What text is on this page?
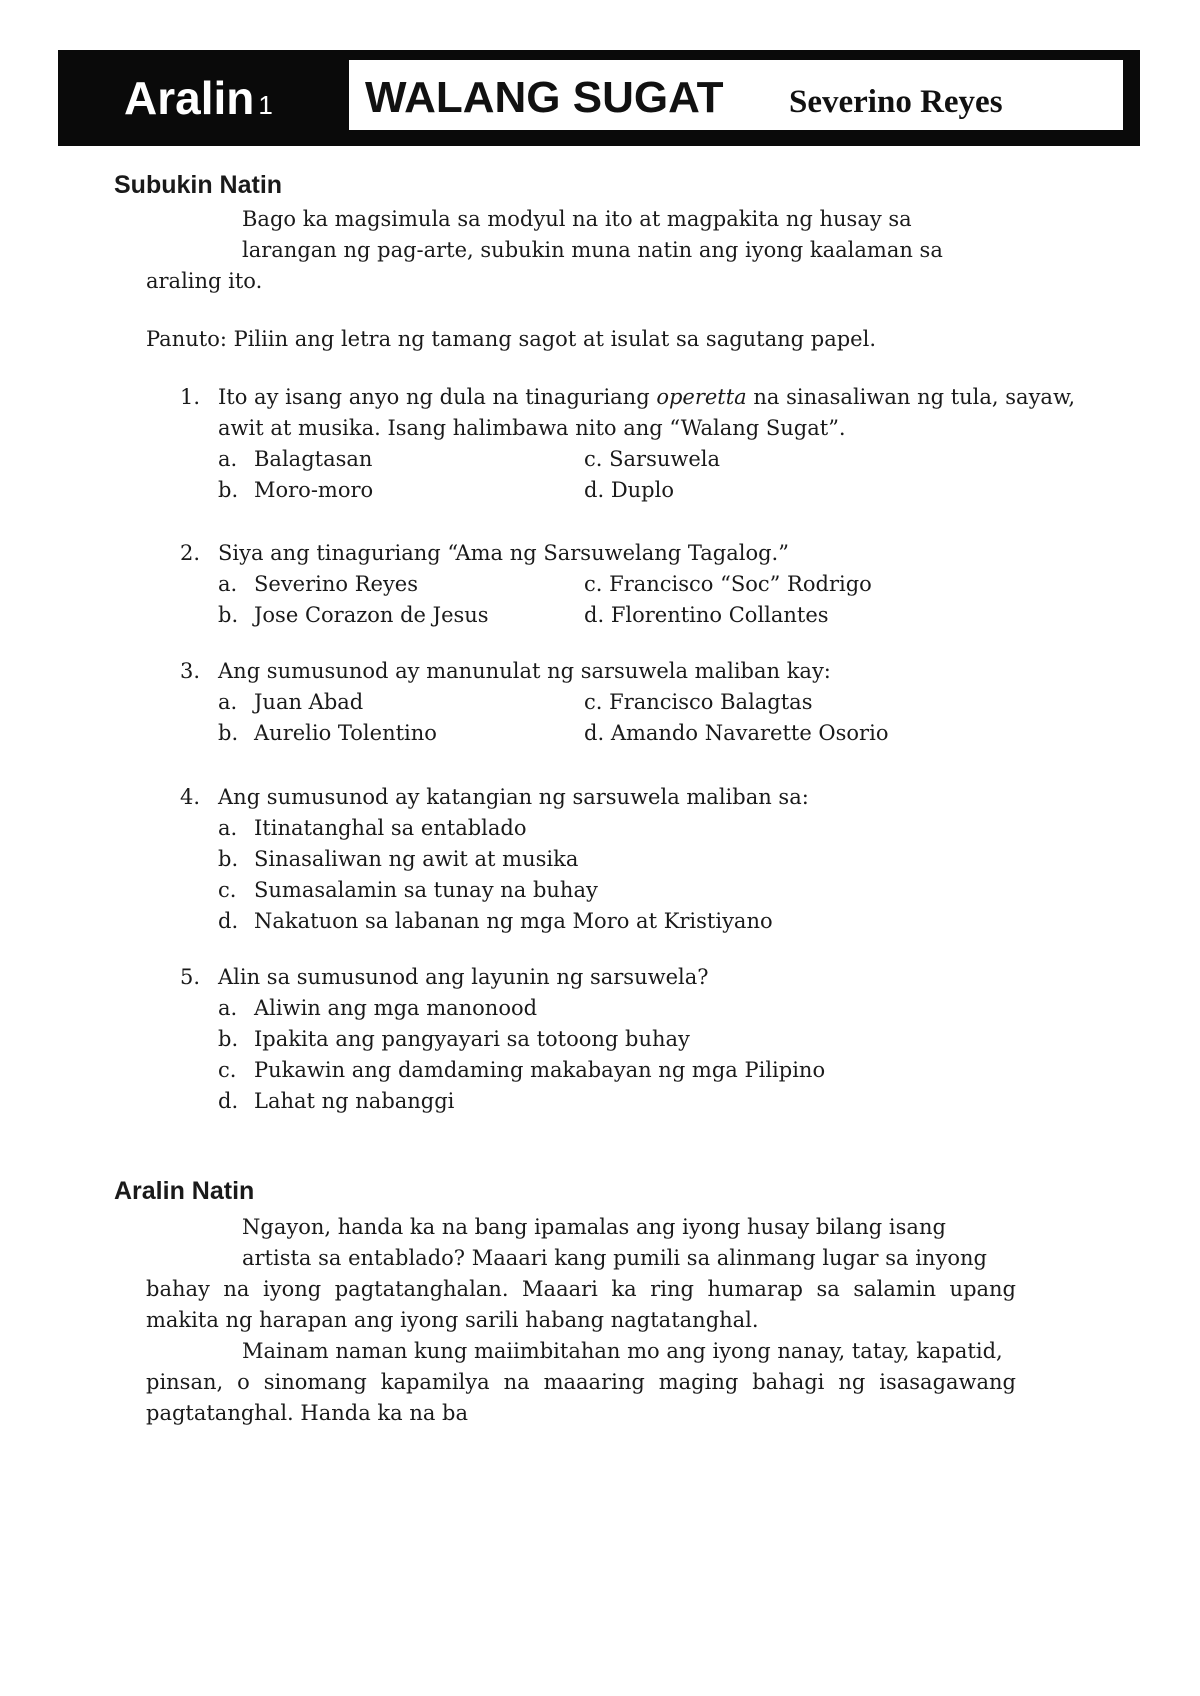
Aralin 1 WALANG SUGAT Severino Reyes
Subukin Natin
Bago ka magsimula sa modyul na ito at magpakita ng husay sa
larangan ng pag-arte, subukin muna natin ang iyong kaalaman sa
araling ito.
Panuto: Piliin ang letra ng tamang sagot at isulat sa sagutang papel.
1. Ito ay isang anyo ng dula na tinaguriang operetta na sinasaliwan ng tula, sayaw, awit at musika. Isang halimbawa nito ang “Walang Sugat”.
a. Balagtasan	c. Sarsuwela
b. Moro-moro	d. Duplo
2. Siya ang tinaguriang “Ama ng Sarsuwelang Tagalog.”
a. Severino Reyes	c. Francisco “Soc” Rodrigo
b. Jose Corazon de Jesus	d. Florentino Collantes
3. Ang sumusunod ay manunulat ng sarsuwela maliban kay:
a. Juan Abad	c. Francisco Balagtas
b. Aurelio Tolentino	d. Amando Navarette Osorio
4. Ang sumusunod ay katangian ng sarsuwela maliban sa:
a. Itinatanghal sa entablado
b. Sinasaliwan ng awit at musika
c. Sumasalamin sa tunay na buhay
d. Nakatuon sa labanan ng mga Moro at Kristiyano
5. Alin sa sumusunod ang layunin ng sarsuwela?
a. Aliwin ang mga manonood
b. Ipakita ang pangyayari sa totoong buhay
c. Pukawin ang damdaming makabayan ng mga Pilipino
d. Lahat ng nabanggi
Aralin Natin
Ngayon, handa ka na bang ipamalas ang iyong husay bilang isang
artista sa entablado? Maaari kang pumili sa alinmang lugar sa inyong
bahay na iyong pagtatanghalan. Maaari ka ring humarap sa salamin upang makita ng harapan ang iyong sarili habang nagtatanghal.
Mainam naman kung maiimbitahan mo ang iyong nanay, tatay, kapatid,
pinsan, o sinomang kapamilya na maaaring maging bahagi ng isasagawang pagtatanghal. Handa ka na ba
